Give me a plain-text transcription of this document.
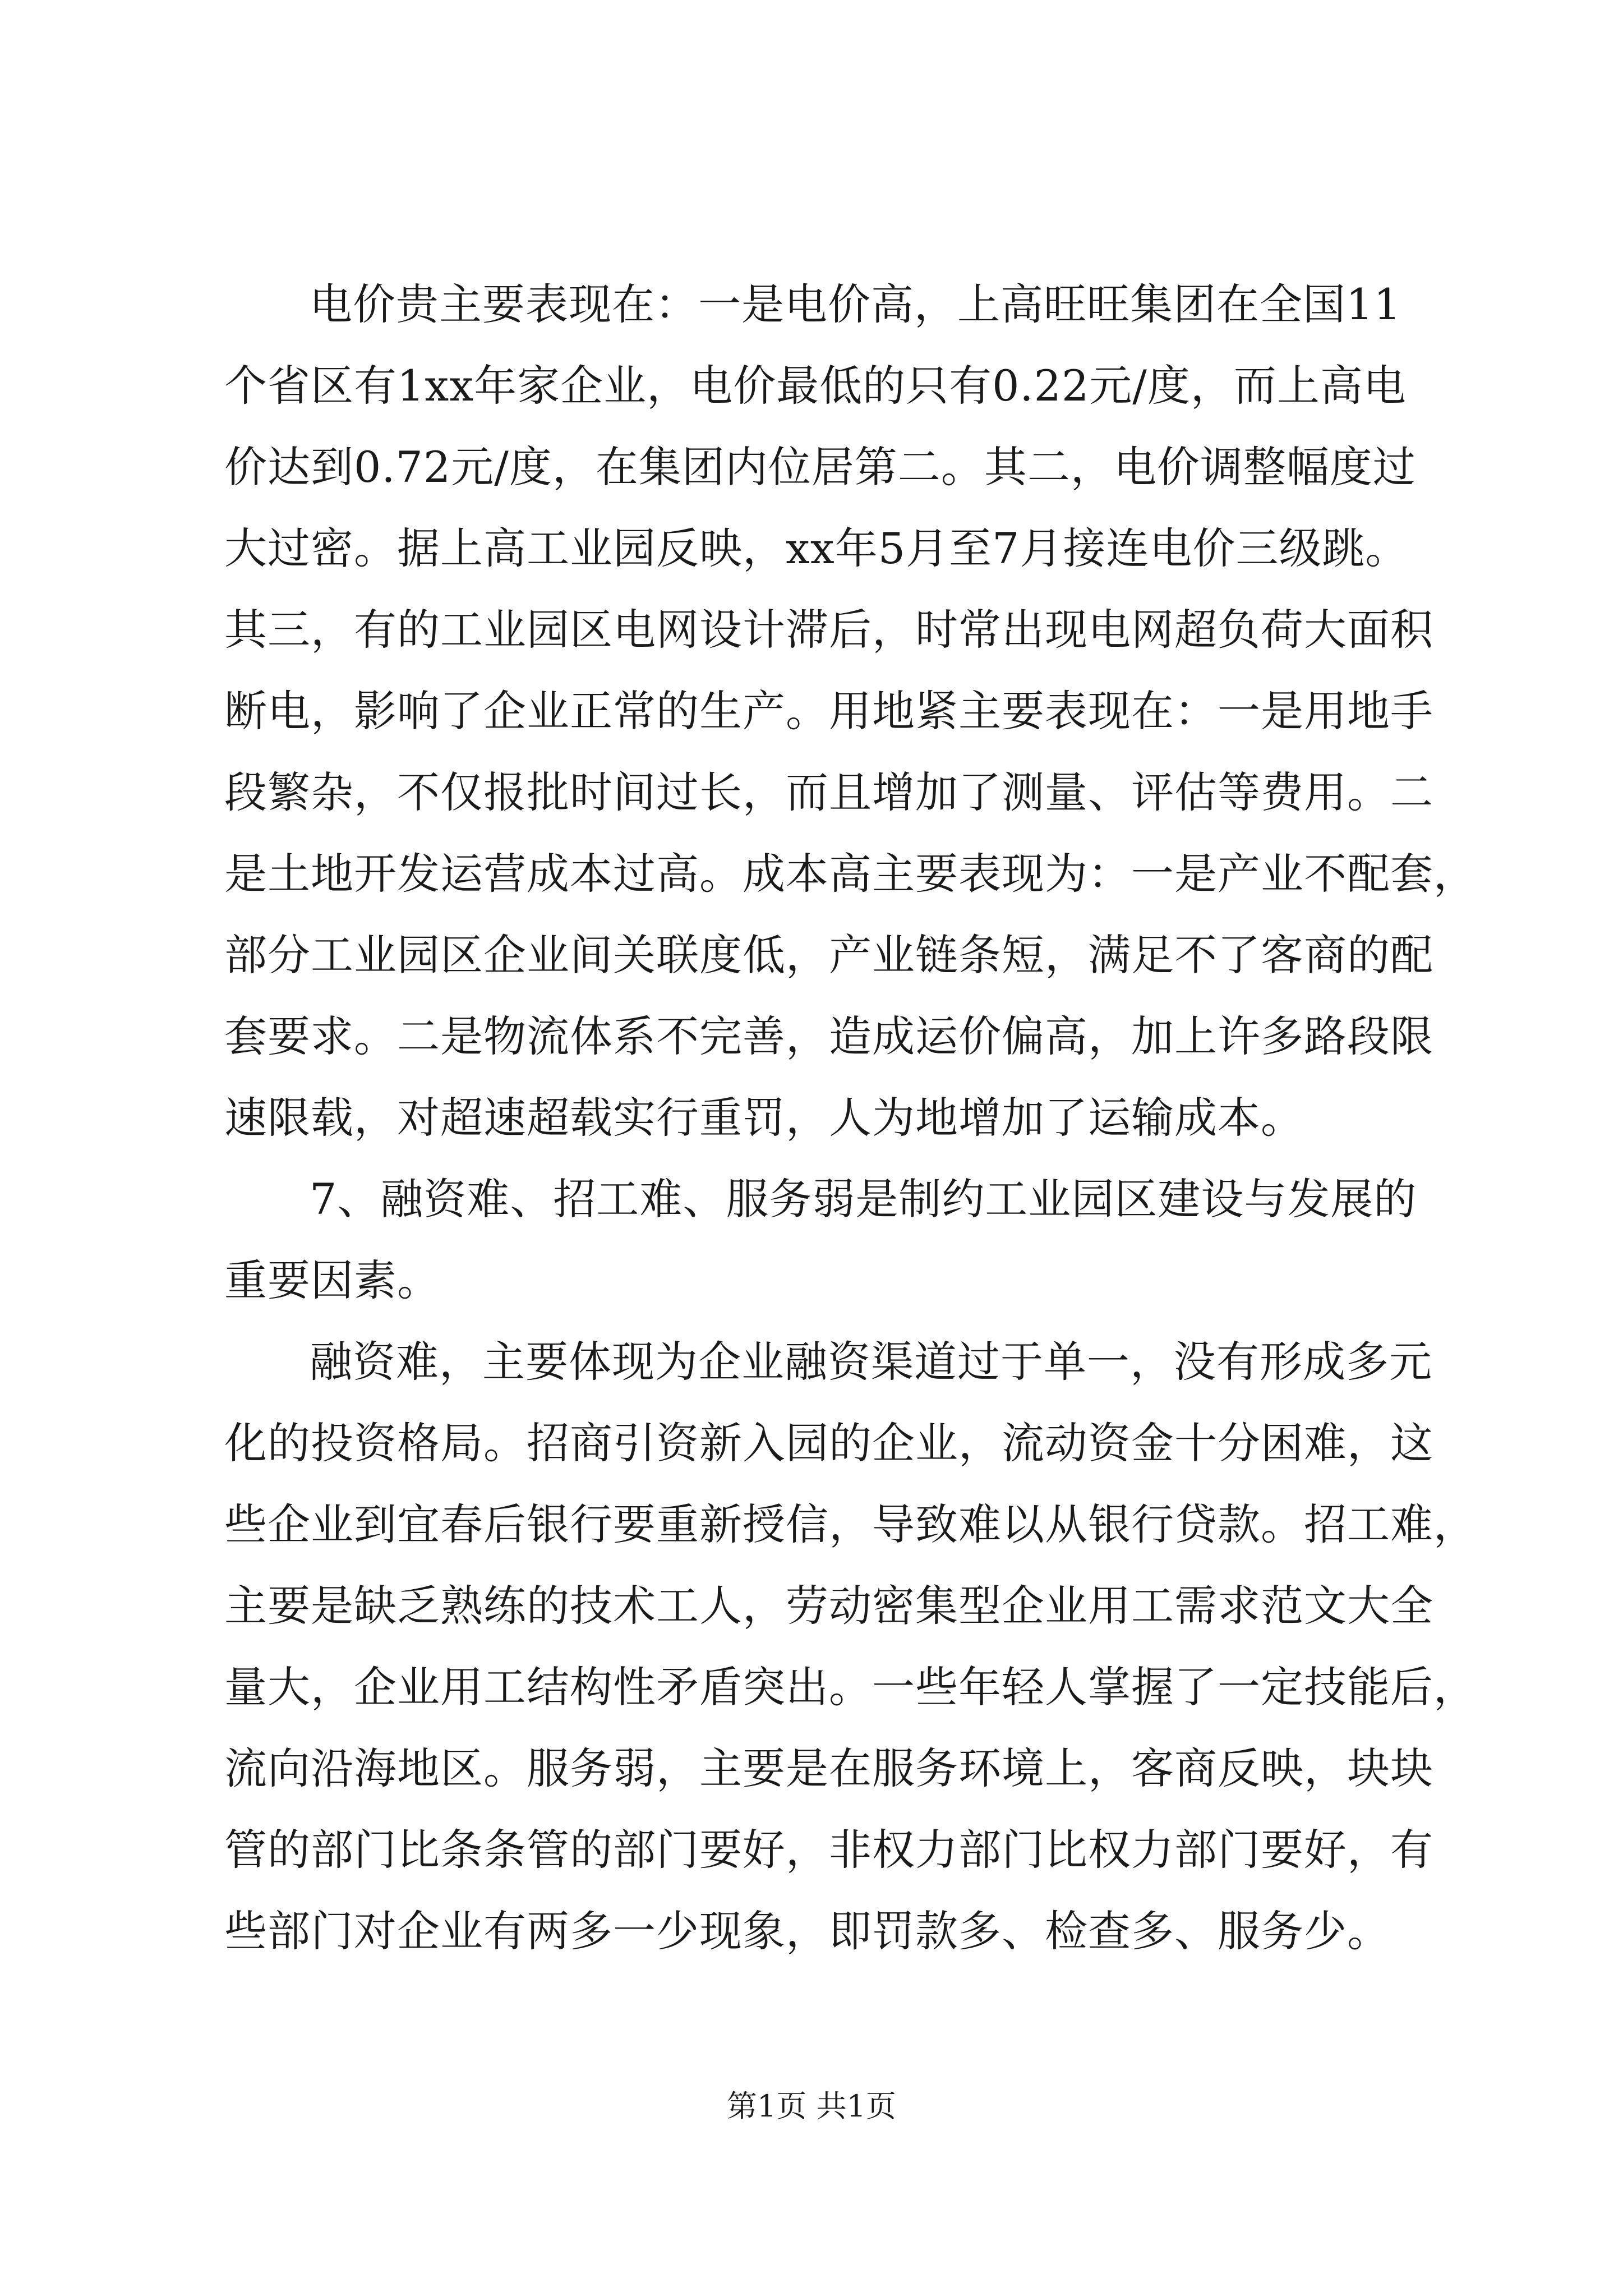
电价贵主要表现在：一是电价高，上高旺旺集团在全国11
个省区有1xx年家企业，电价最低的只有0.22元/度，而上高电
价达到0.72元/度，在集团内位居第二。其二，电价调整幅度过
大过密。据上高工业园反映，xx年5月至7月接连电价三级跳。
其三，有的工业园区电网设计滞后，时常出现电网超负荷大面积
断电，影响了企业正常的生产。用地紧主要表现在：一是用地手
段繁杂，不仅报批时间过长，而且增加了测量、评估等费用。二
是土地开发运营成本过高。成本高主要表现为：一是产业不配套，
部分工业园区企业间关联度低，产业链条短，满足不了客商的配
套要求。二是物流体系不完善，造成运价偏高，加上许多路段限
速限载，对超速超载实行重罚，人为地增加了运输成本。

7、融资难、招工难、服务弱是制约工业园区建设与发展的
重要因素。

融资难，主要体现为企业融资渠道过于单一，没有形成多元
化的投资格局。招商引资新入园的企业，流动资金十分困难，这
些企业到宜春后银行要重新授信，导致难以从银行贷款。招工难，
主要是缺乏熟练的技术工人，劳动密集型企业用工需求范文大全
量大，企业用工结构性矛盾突出。一些年轻人掌握了一定技能后，
流向沿海地区。服务弱，主要是在服务环境上，客商反映，块块
管的部门比条条管的部门要好，非权力部门比权力部门要好，有
些部门对企业有两多一少现象，即罚款多、检查多、服务少。

第1页 共1页
